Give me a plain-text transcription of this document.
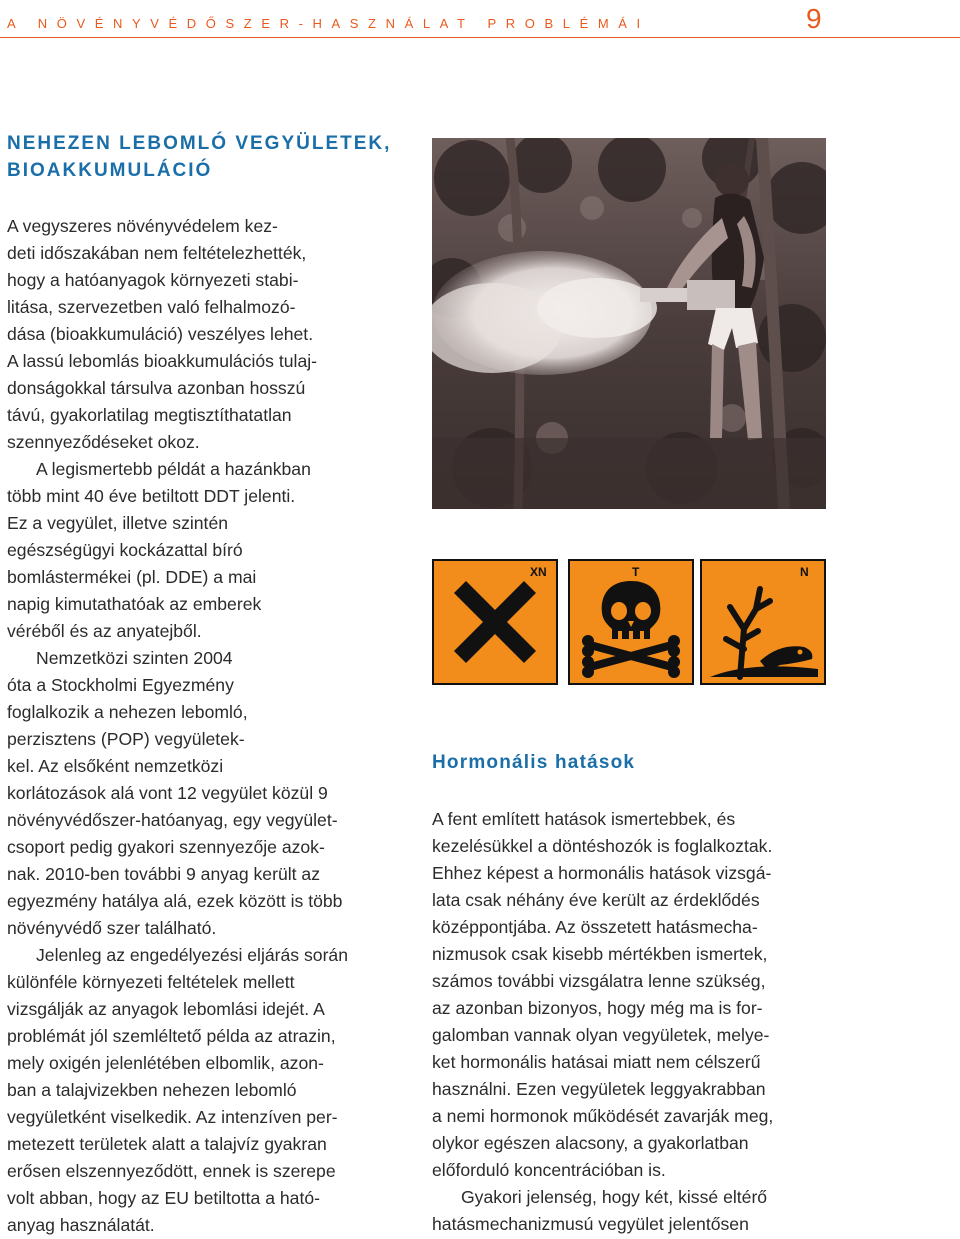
A NÖVÉNYVÉDŐSZER-HASZNÁLAT PROBLÉMÁI	9
NEHEZEN LEBOMLÓ VEGYÜLETEK,
BIOAKKUMULÁCIÓ
A vegyszeres növényvédelem kez-
deti időszakában nem feltételezhették,
hogy a hatóanyagok környezeti stabi-
litása, szervezetben való felhalmozó-
dása (bioakkumuláció) veszélyes lehet.
A lassú lebomlás bioakkumulációs tulaj-
donságokkal társulva azonban hosszú
távú, gyakorlatilag megtisztíthatatlan
szennyeződéseket okoz.
A legismertebb példát a hazánkban
több mint 40 éve betiltott DDT jelenti.
Ez a vegyület, illetve szintén
egészségügyi kockázattal bíró
bomlástermékei (pl. DDE) a mai
napig kimutathatóak az emberek
véréből és az anyatejből.
Nemzetközi szinten 2004
óta a Stockholmi Egyezmény
foglalkozik a nehezen lebomló,
perzisztens (POP) vegyületek-
kel. Az elsőként nemzetközi
korlátozások alá vont 12 vegyület közül 9
növényvédőszer-hatóanyag, egy vegyület-
csoport pedig gyakori szennyezője azok-
nak. 2010-ben további 9 anyag került az
egyezmény hatálya alá, ezek között is több
növényvédő szer található.
Jelenleg az engedélyezési eljárás során
különféle környezeti feltételek mellett
vizsgálják az anyagok lebomlási idejét. A
problémát jól szemléltető példa az atrazin,
mely oxigén jelenlétében elbomlik, azon-
ban a talajvizekben nehezen lebomló
vegyületként viselkedik. Az intenzíven per-
metezett területek alatt a talajvíz gyakran
erősen elszennyeződött, ennek is szerepe
volt abban, hogy az EU betiltotta a ható-
anyag használatát.
XN	T	N
Hormonális hatások
A fent említett hatások ismertebbek, és
kezelésükkel a döntéshozók is foglalkoztak.
Ehhez képest a hormonális hatások vizsgá-
lata csak néhány éve került az érdeklődés
középpontjába. Az összetett hatásmecha-
nizmusok csak kisebb mértékben ismertek,
számos további vizsgálatra lenne szükség,
az azonban bizonyos, hogy még ma is for-
galomban vannak olyan vegyületek, melye-
ket hormonális hatásai miatt nem célszerű
használni. Ezen vegyületek leggyakrabban
a nemi hormonok működését zavarják meg,
olykor egészen alacsony, a gyakorlatban
előforduló koncentrációban is.
Gyakori jelenség, hogy két, kissé eltérő
hatásmechanizmusú vegyület jelentősen
